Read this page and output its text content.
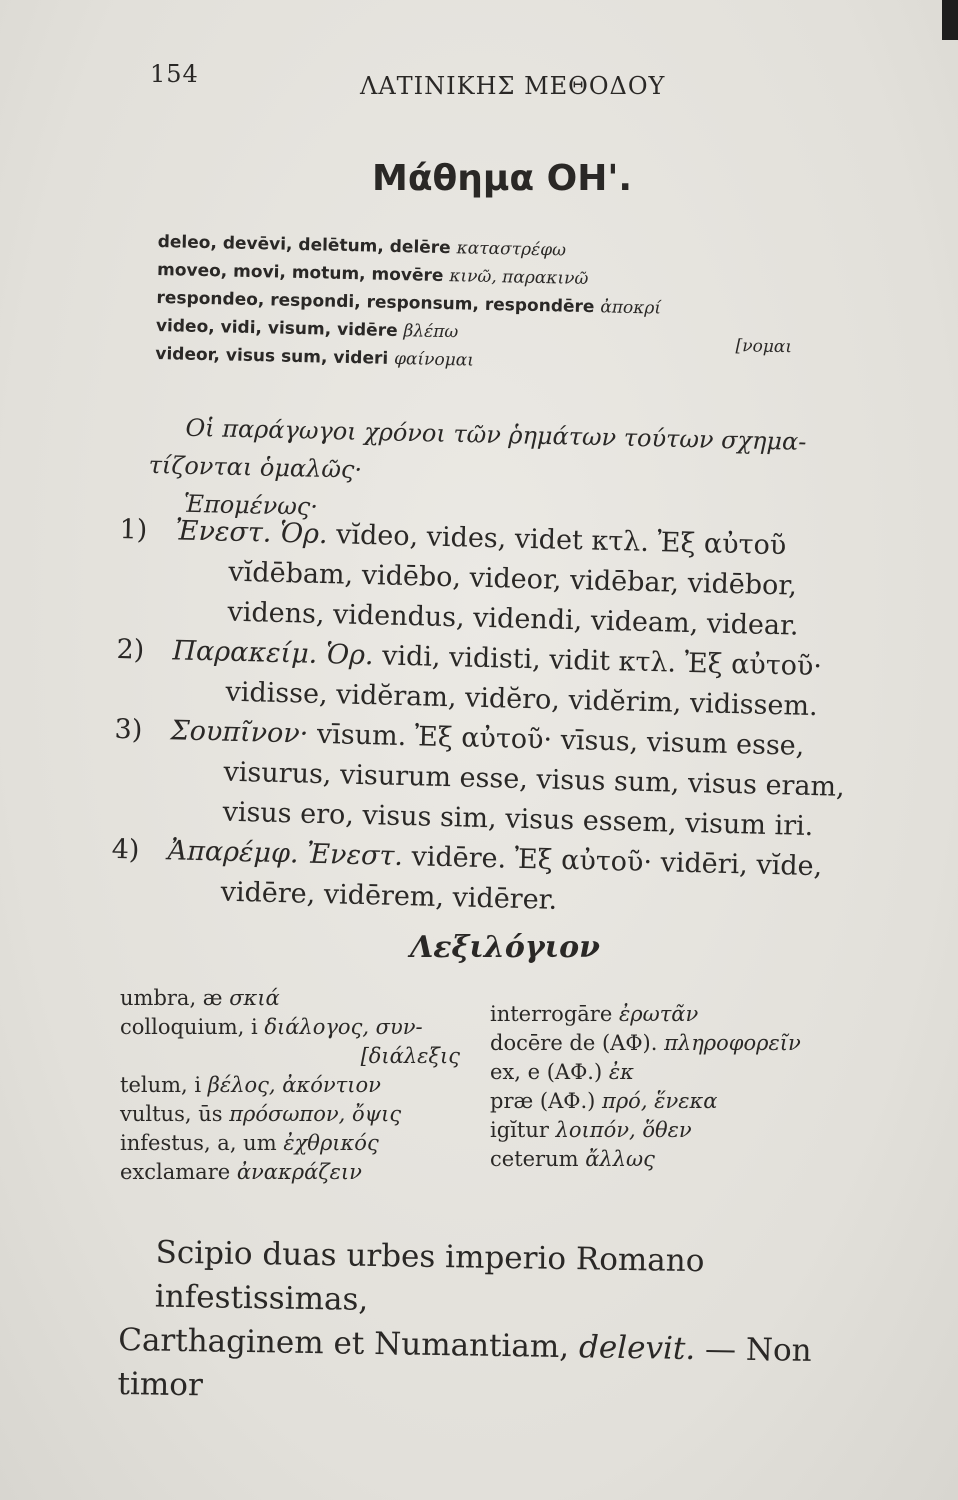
154	ΛΑΤΙΝΙΚΗΣ ΜΕΘΟΔΟΥ
Μάθημα ΟΗ'.
deleo, devēvi, delētum, delēre καταστρέφω
moveo, movi, motum, movēre κινῶ, παρακινῶ
respondeo, respondi, responsum, respondēre ἀποκρί
video, vidi, visum, vidēre βλέπω
[νομαι
videor, visus sum, videri φαίνομαι

Οἱ παράγωγοι χρόνοι τῶν ῥημάτων τούτων σχημα-

τίζονται ὁμαλῶς·

Ἑπομένως·

1) Ἐνεστ. Ὁρ. vĭdeo, vides, videt κτλ. Ἐξ αὐτοῦ

vĭdēbam, vidēbo, videor, vidēbar, vidēbor,

videns, videndus, videndi, videam, videar.

2) Παρακείμ. Ὁρ. vidi, vidisti, vidit κτλ. Ἐξ αὐτοῦ·

vidisse, vidĕram, vidĕro, vidĕrim, vidissem.

3) Σουπῖνον· vīsum. Ἐξ αὐτοῦ· vīsus, visum esse,

visurus, visurum esse, visus sum, visus eram,

visus ero, visus sim, visus essem, visum iri.

4) Ἀπαρέμφ. Ἐνεστ. vidēre. Ἐξ αὐτοῦ· vidēri, vĭde,

vidēre, vidērem, vidērer.

Λεξιλόγιον
umbra, æ σκιά
colloquium, i διάλογος, συν-
[διάλεξις
telum, i βέλος, ἀκόντιον
vultus, ūs πρόσωπον, ὄψις
infestus, a, um ἐχθρικός
exclamare ἀνακράζειν
interrogāre ἐρωτᾶν
docēre de (ΑΦ). πληροφορεῖν
ex, e (ΑΦ.) ἐκ
præ (ΑΦ.) πρό, ἕνεκα
igĭtur λοιπόν, ὅθεν
ceterum ἄλλως

Scipio duas urbes imperio Romano infestissimas,

Carthaginem et Numantiam, delevit. — Non timor
